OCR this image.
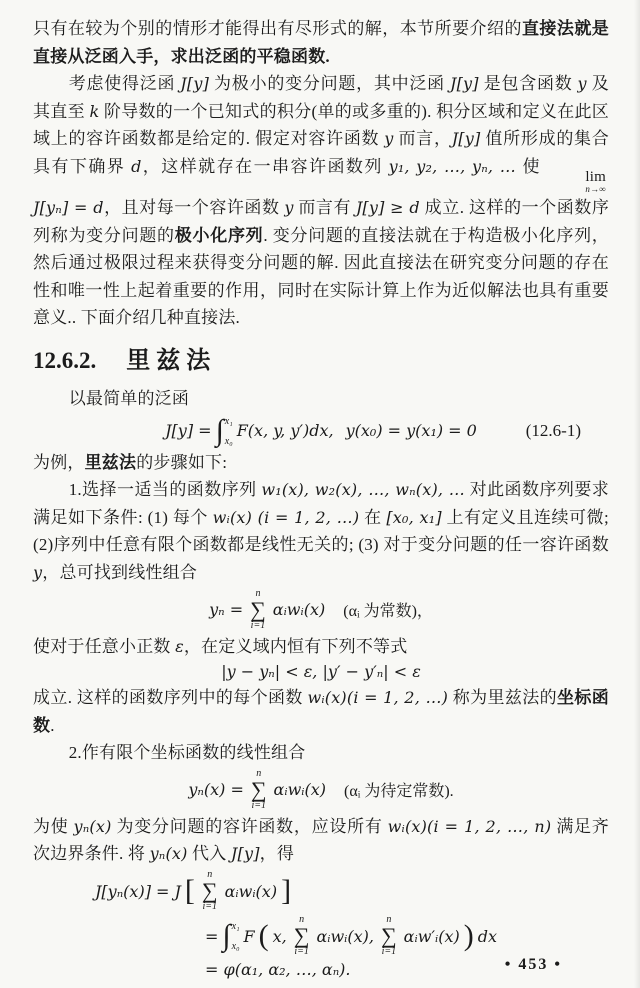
只有在较为个别的情形才能得出有尽形式的解，本节所要介绍的直接法就是直接从泛函入手，求出泛函的平稳函数.

考虑使得泛函 J[y] 为极小的变分问题，其中泛函 J[y] 是包含函数 y 及其直至 k 阶导数的一个已知式的积分(单的或多重的). 积分区域和定义在此区域上的容许函数都是给定的. 假定对容许函数 y 而言，J[y] 值所形成的集合具有下确界 d，这样就存在一串容许函数列 y₁, y₂, …, yₙ, … 使
lim
n→∞
J[yₙ] = d，且对每一个容许函数 y 而言有 J[y] ≥ d 成立. 这样的一个函数序列称为变分问题的极小化序列. 变分问题的直接法就在于构造极小化序列，然后通过极限过程来获得变分问题的解. 因此直接法在研究变分问题的存在性和唯一性上起着重要的作用，同时在实际计算上作为近似解法也具有重要意义.. 下面介绍几种直接法.

12.6.2. 里兹法

以最简单的泛函

J[y] = ∫ x₁
x₀
F(x, y, y′)dx, y(x₀) = y(x₁) = 0	(12.6-1)

为例，里兹法的步骤如下:

1.选择一适当的函数序列 w₁(x), w₂(x), …, wₙ(x), … 对此函数序列要求满足如下条件: (1) 每个 wᵢ(x) (i = 1, 2, …) 在 [x₀, x₁] 上有定义且连续可微; (2)序列中任意有限个函数都是线性无关的; (3) 对于变分问题的任一容许函数 y，总可找到线性组合

yₙ =
n
∑
i=1
αᵢwᵢ(x) (αᵢ 为常数)，

使对于任意小正数 ε，在定义域内恒有下列不等式

|y − yₙ| < ε, |y′ − y′ₙ| < ε

成立. 这样的函数序列中的每个函数 wᵢ(x)(i = 1, 2, …) 称为里兹法的坐标函数.

2.作有限个坐标函数的线性组合

yₙ(x) =
n
∑
i=1
αᵢwᵢ(x) (αᵢ 为待定常数).

为使 yₙ(x) 为变分问题的容许函数，应设所有 wᵢ(x)(i = 1, 2, …, n) 满足齐次边界条件. 将 yₙ(x) 代入 J[y]，得

J[yₙ(x)] = J [ n
∑
i=1
αᵢwᵢ(x) ]
= ∫ x₁
x₀
F ( x,
n
∑
i=1
αᵢwᵢ(x),
n
∑
i=1
αᵢw′ᵢ(x) ) dx
= φ(α₁, α₂, …, αₙ).	• 453 •
